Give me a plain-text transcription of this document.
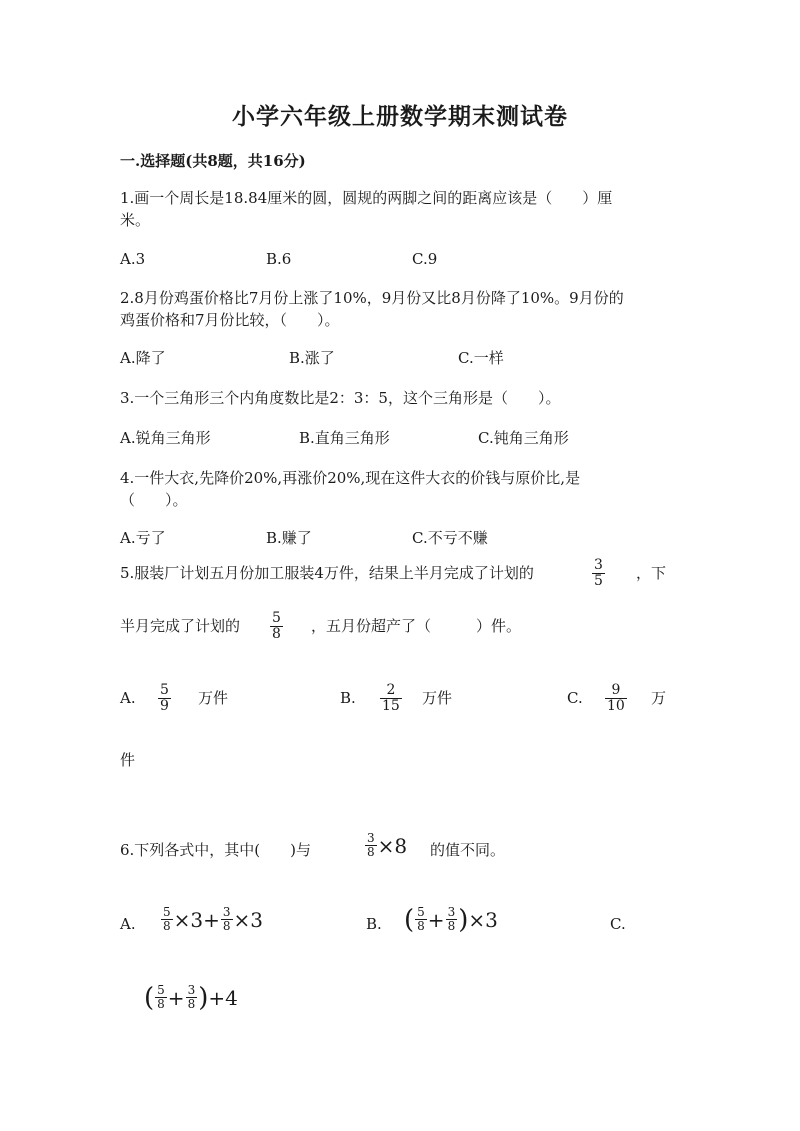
小学六年级上册数学期末测试卷
一.选择题(共8题，共16分)
1.画一个周长是18.84厘米的圆，圆规的两脚之间的距离应该是（　　）厘
米。
A.3	B.6	C.9
2.8月份鸡蛋价格比7月份上涨了10%，9月份又比8月份降了10%。9月份的
鸡蛋价格和7月份比较，（　　）。
A.降了	B.涨了	C.一样
3.一个三角形三个内角度数比是2：3：5，这个三角形是（　　）。
A.锐角三角形	B.直角三角形	C.钝角三角形
4.一件大衣,先降价20%,再涨价20%,现在这件大衣的价钱与原价比,是
（　　）。
A.亏了	B.赚了	C.不亏不赚
5.服装厂计划五月份加工服装4万件，结果上半月完成了计划的	$\frac{3}{5}$ ，下
半月完成了计划的 $\frac{5}{8}$ ，五月份超产了（　　　）件。
A. $\frac{5}{9}$ 万件	B. $\frac{2}{15}$ 万件	C. $\frac{9}{10}$ 万
件
6.下列各式中，其中(　　)与	$\frac{3}{8} \times 8$ 的值不同。
A. $\frac{5}{8} \times 3+ \frac{3}{8} \times 3$	B. ( $\frac{5}{8} + \frac{3}{8}$ ) ×3	C.
( $\frac{5}{8} + \frac{3}{8}$ ) +4
